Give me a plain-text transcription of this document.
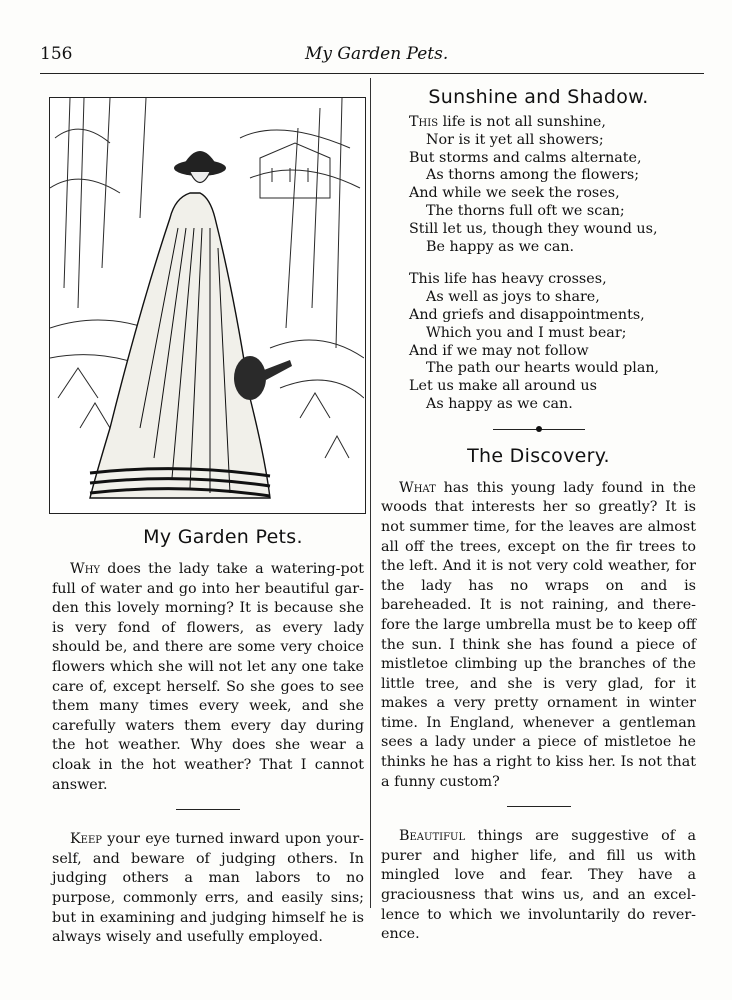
156	My Garden Pets.
My Garden Pets.

Why does the lady take a watering-pot full of water and go into her beautiful garden this lovely morning? It is because she is very fond of flowers, as every lady should be, and there are some very choice flowers which she will not let any one take care of, except herself. So she goes to see them many times every week, and she carefully waters them every day during the hot weather. Why does she wear a cloak in the hot weather? That I cannot answer.

Keep your eye turned inward upon yourself, and beware of judging others. In judging others a man labors to no purpose, commonly errs, and easily sins; but in examining and judging himself he is always wisely and usefully employed.

Sunshine and Shadow.
This life is not all sunshine,
Nor is it yet all showers;
But storms and calms alternate,
As thorns among the flowers;
And while we seek the roses,
The thorns full oft we scan;
Still let us, though they wound us,
Be happy as we can.
This life has heavy crosses,
As well as joys to share,
And griefs and disappointments,
Which you and I must bear;
And if we may not follow
The path our hearts would plan,
Let us make all around us
As happy as we can.
The Discovery.

What has this young lady found in the woods that interests her so greatly? It is not summer time, for the leaves are almost all off the trees, except on the fir trees to the left. And it is not very cold weather, for the lady has no wraps on and is bareheaded. It is not raining, and therefore the large umbrella must be to keep off the sun. I think she has found a piece of mistletoe climbing up the branches of the little tree, and she is very glad, for it makes a very pretty ornament in winter time. In England, whenever a gentleman sees a lady under a piece of mistletoe he thinks he has a right to kiss her. Is not that a funny custom?

Beautiful things are suggestive of a purer and higher life, and fill us with mingled love and fear. They have a graciousness that wins us, and an excellence to which we involuntarily do reverence.
